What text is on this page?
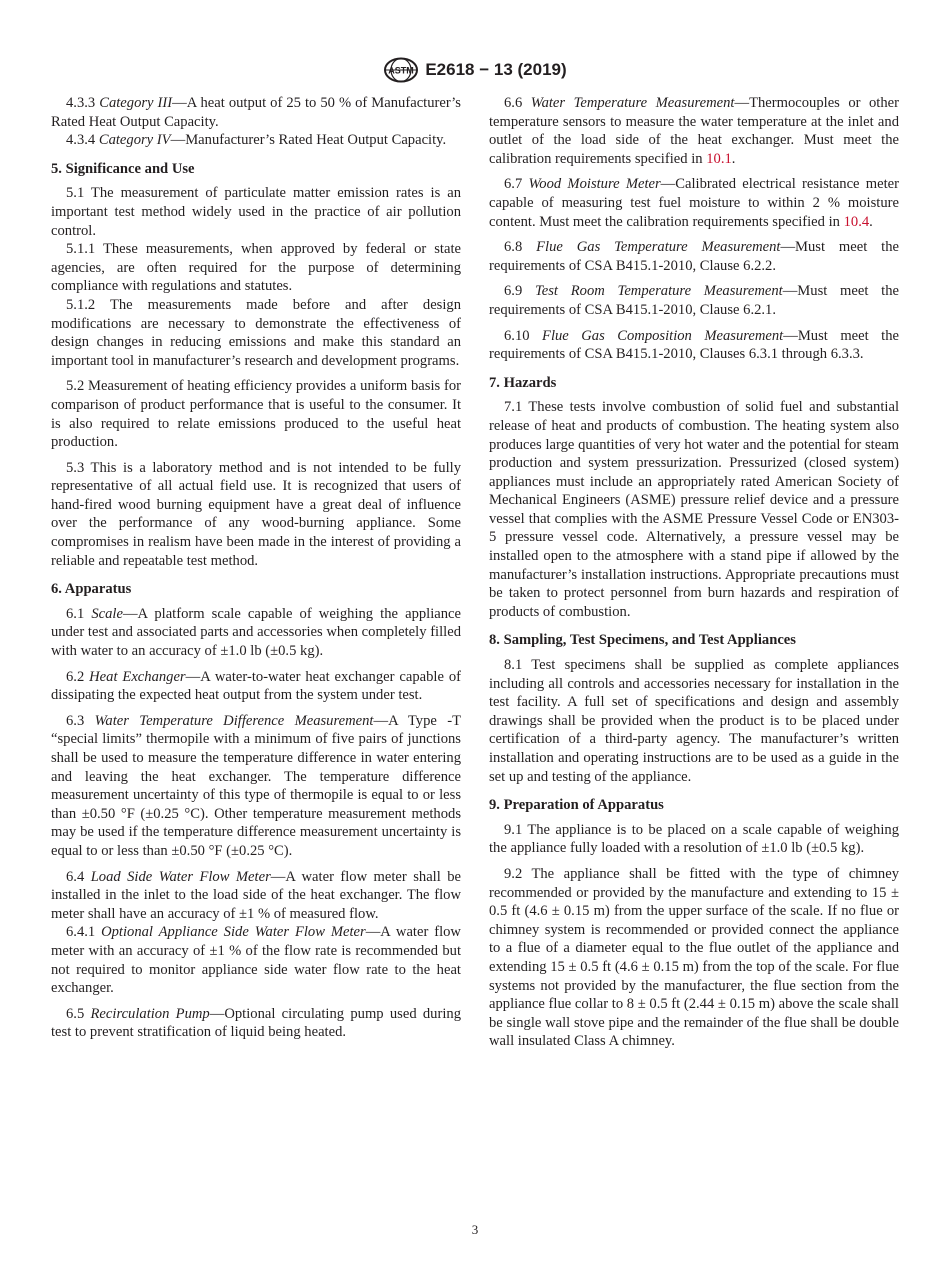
ASTM E2618 − 13 (2019)

4.3.3 Category III—A heat output of 25 to 50 % of Manufacturer’s Rated Heat Output Capacity.

4.3.4 Category IV—Manufacturer’s Rated Heat Output Capacity.

5. Significance and Use

5.1 The measurement of particulate matter emission rates is an important test method widely used in the practice of air pollution control.

5.1.1 These measurements, when approved by federal or state agencies, are often required for the purpose of determining compliance with regulations and statutes.

5.1.2 The measurements made before and after design modifications are necessary to demonstrate the effectiveness of design changes in reducing emissions and make this standard an important tool in manufacturer’s research and development programs.

5.2 Measurement of heating efficiency provides a uniform basis for comparison of product performance that is useful to the consumer. It is also required to relate emissions produced to the useful heat production.

5.3 This is a laboratory method and is not intended to be fully representative of all actual field use. It is recognized that users of hand-fired wood burning equipment have a great deal of influence over the performance of any wood-burning appliance. Some compromises in realism have been made in the interest of providing a reliable and repeatable test method.

6. Apparatus

6.1 Scale—A platform scale capable of weighing the appliance under test and associated parts and accessories when completely filled with water to an accuracy of ±1.0 lb (±0.5 kg).

6.2 Heat Exchanger—A water-to-water heat exchanger capable of dissipating the expected heat output from the system under test.

6.3 Water Temperature Difference Measurement—A Type -T “special limits” thermopile with a minimum of five pairs of junctions shall be used to measure the temperature difference in water entering and leaving the heat exchanger. The temperature difference measurement uncertainty of this type of thermopile is equal to or less than ±0.50 °F (±0.25 °C). Other temperature measurement methods may be used if the temperature difference measurement uncertainty is equal to or less than ±0.50 °F (±0.25 °C).

6.4 Load Side Water Flow Meter—A water flow meter shall be installed in the inlet to the load side of the heat exchanger. The flow meter shall have an accuracy of ±1 % of measured flow.

6.4.1 Optional Appliance Side Water Flow Meter—A water flow meter with an accuracy of ±1 % of the flow rate is recommended but not required to monitor appliance side water flow rate to the heat exchanger.

6.5 Recirculation Pump—Optional circulating pump used during test to prevent stratification of liquid being heated.

6.6 Water Temperature Measurement—Thermocouples or other temperature sensors to measure the water temperature at the inlet and outlet of the load side of the heat exchanger. Must meet the calibration requirements specified in 10.1.

6.7 Wood Moisture Meter—Calibrated electrical resistance meter capable of measuring test fuel moisture to within 2 % moisture content. Must meet the calibration requirements specified in 10.4.

6.8 Flue Gas Temperature Measurement—Must meet the requirements of CSA B415.1-2010, Clause 6.2.2.

6.9 Test Room Temperature Measurement—Must meet the requirements of CSA B415.1-2010, Clause 6.2.1.

6.10 Flue Gas Composition Measurement—Must meet the requirements of CSA B415.1-2010, Clauses 6.3.1 through 6.3.3.

7. Hazards

7.1 These tests involve combustion of solid fuel and substantial release of heat and products of combustion. The heating system also produces large quantities of very hot water and the potential for steam production and system pressurization. Pressurized (closed system) appliances must include an appropriately rated American Society of Mechanical Engineers (ASME) pressure relief device and a pressure vessel that complies with the ASME Pressure Vessel Code or EN303-5 pressure vessel code. Alternatively, a pressure vessel may be installed open to the atmosphere with a stand pipe if allowed by the manufacturer’s installation instructions. Appropriate precautions must be taken to protect personnel from burn hazards and respiration of products of combustion.

8. Sampling, Test Specimens, and Test Appliances

8.1 Test specimens shall be supplied as complete appliances including all controls and accessories necessary for installation in the test facility. A full set of specifications and design and assembly drawings shall be provided when the product is to be placed under certification of a third-party agency. The manufacturer’s written installation and operating instructions are to be used as a guide in the set up and testing of the appliance.

9. Preparation of Apparatus

9.1 The appliance is to be placed on a scale capable of weighing the appliance fully loaded with a resolution of ±1.0 lb (±0.5 kg).

9.2 The appliance shall be fitted with the type of chimney recommended or provided by the manufacture and extending to 15 ± 0.5 ft (4.6 ± 0.15 m) from the upper surface of the scale. If no flue or chimney system is recommended or provided connect the appliance to a flue of a diameter equal to the flue outlet of the appliance and extending 15 ± 0.5 ft (4.6 ± 0.15 m) from the top of the scale. For flue systems not provided by the manufacturer, the flue section from the appliance flue collar to 8 ± 0.5 ft (2.44 ± 0.15 m) above the scale shall be single wall stove pipe and the remainder of the flue shall be double wall insulated Class A chimney.

3
